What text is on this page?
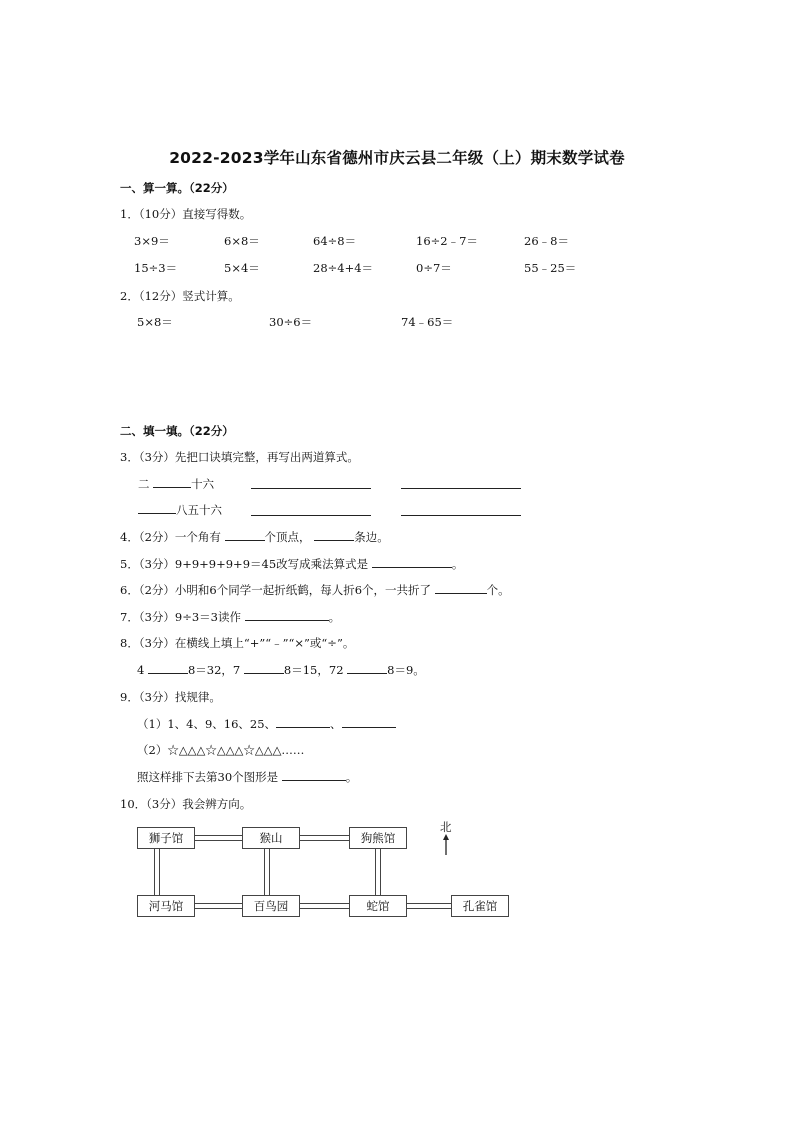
2022-2023学年山东省德州市庆云县二年级（上）期末数学试卷
一、算一算。（22分）
1．（10分）直接写得数。
3×9＝	6×8＝	64÷8＝	16÷2﹣7＝	26﹣8＝
15÷3＝	5×4＝	28÷4+4＝	0÷7＝	55﹣25＝
2．（12分）竖式计算。
5×8＝	30÷6＝	74﹣65＝
二、填一填。（22分）
3．（3分）先把口诀填完整，再写出两道算式。
二	十六
八五十六
4．（2分）一个角有	个顶点，	条边。
5．（3分）9+9+9+9+9＝45改写成乘法算式是	。
6．（2分）小明和6个同学一起折纸鹤，每人折6个，一共折了	个。
7．（3分）9÷3＝3读作	。
8．（3分）在横线上填上“+”“﹣”“×”或“÷”。
4	8＝32，7	8＝15，72	8＝9。
9．（3分）找规律。
（1）1、4、9、16、25、	、
（2）☆△△△☆△△△☆△△△……
照这样排下去第30个图形是	。
10．（3分）我会辨方向。
狮子馆	猴山	狗熊馆
河马馆	百鸟园	蛇馆	孔雀馆
北
